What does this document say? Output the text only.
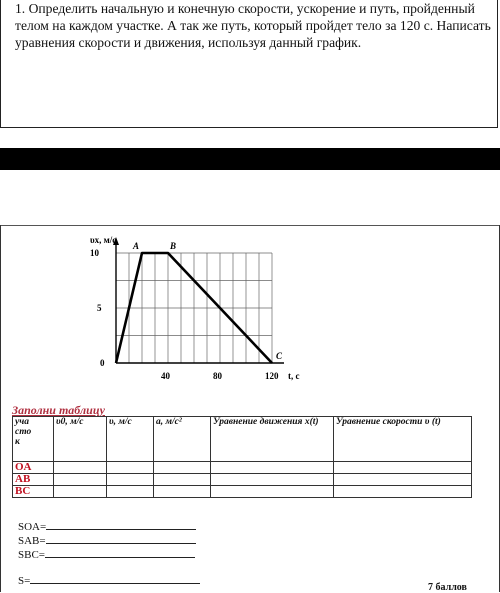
1. Определить начальную и конечную скорости, ускорение и путь, пройденный телом на каждом участке. А так же путь, который пройдет тело за 120 с. Написать уравнения скорости и движения, используя данный график.
υx, м/с
10
5
0
40	80	120 t, с
A	B
C
Заполни таблицу
уча
сто
к	υ0, м/с	υ, м/с	a, м/с²	Уравнение движения x(t)	Уравнение скорости υ (t)
OA					
AB					
BC					
SOA=
SAB=
SBC=
S=
7 баллов
